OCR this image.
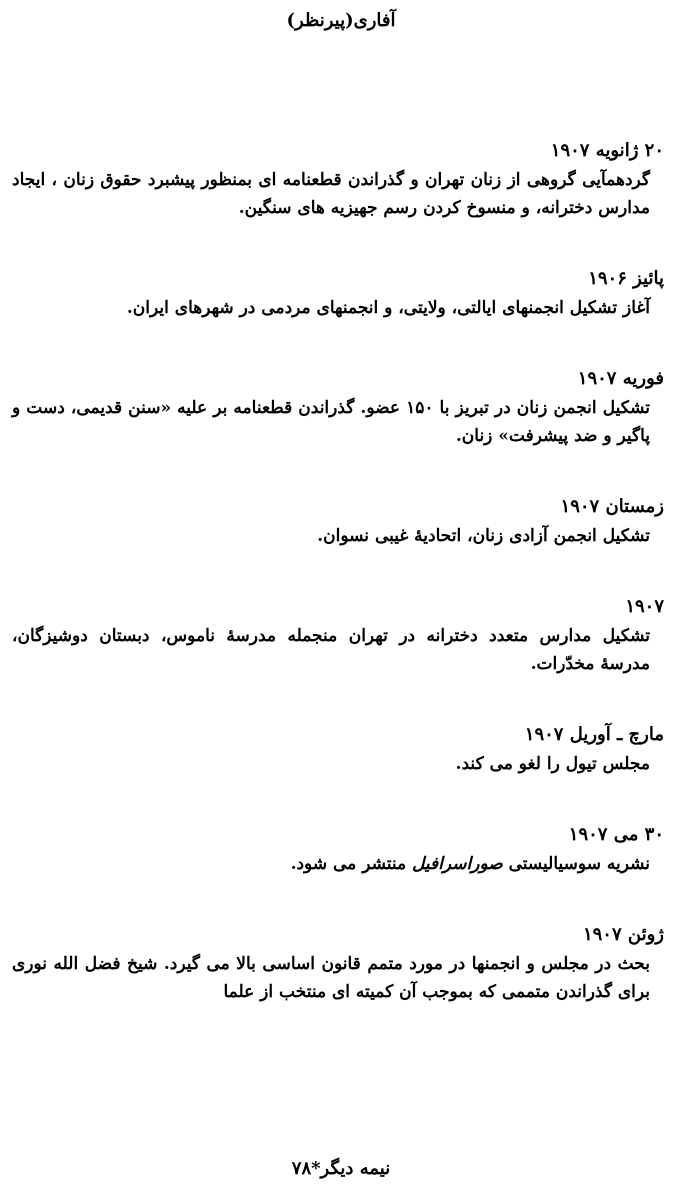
آفاری(پیرنظر)

۲۰ ژانویه ۱۹۰۷

گردهمآیی گروهی از زنان تهران و گذراندن قطعنامه ای بمنظور پیشبرد حقوق زنان ، ایجاد مدارس دخترانه، و منسوخ کردن رسم جهیزیه های سنگین.

پائیز ۱۹۰۶

آغاز تشکیل انجمنهای ایالتی، ولایتی، و انجمنهای مردمی در شهرهای ایران.

فوریه ۱۹۰۷

تشکیل انجمن زنان در تبریز با ۱۵۰ عضو. گذراندن قطعنامه بر علیه «سنن قدیمی، دست و پاگیر و ضد پیشرفت» زنان.

زمستان ۱۹۰۷

تشکیل انجمن آزادی زنان، اتحادیهٔ غیبی نسوان.

۱۹۰۷

تشکیل مدارس متعدد دخترانه در تهران منجمله مدرسهٔ ناموس، دبستان دوشیزگان، مدرسهٔ مخدّرات.

مارچ ـ آوریل ۱۹۰۷

مجلس تیول را لغو می کند.

۳۰ می ۱۹۰۷

نشریه سوسیالیستی صوراسرافیل منتشر می شود.

ژوئن ۱۹۰۷

بحث در مجلس و انجمنها در مورد متمم قانون اساسی بالا می گیرد. شیخ فضل الله نوری برای گذراندن متممی که بموجب آن کمیته ای منتخب از علما

نیمه دیگر*۷۸
